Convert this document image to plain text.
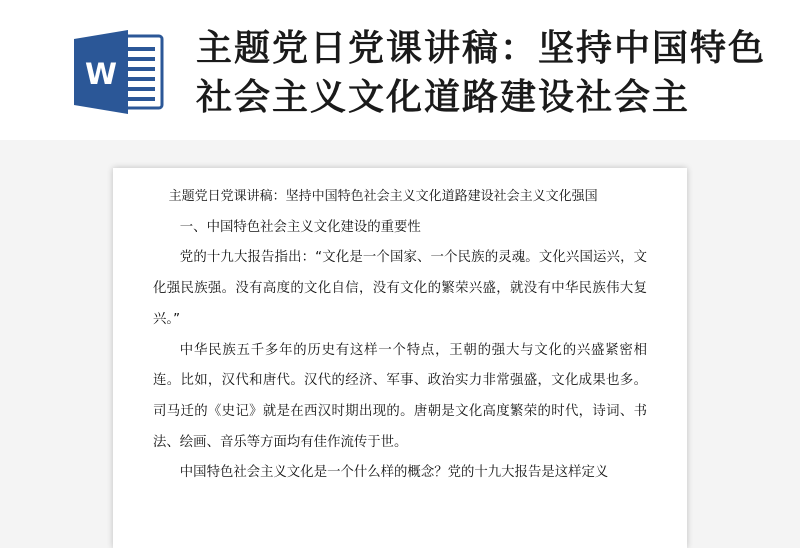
W
主题党日党课讲稿：坚持中国特色社会主义文化道路建设社会主

主题党日党课讲稿：坚持中国特色社会主义文化道路建设社会主义文化强国

一、中国特色社会主义文化建设的重要性

党的十九大报告指出：“文化是一个国家、一个民族的灵魂。文化兴国运兴，文化强民族强。没有高度的文化自信，没有文化的繁荣兴盛，就没有中华民族伟大复兴。”

中华民族五千多年的历史有这样一个特点，王朝的强大与文化的兴盛紧密相连。比如，汉代和唐代。汉代的经济、军事、政治实力非常强盛，文化成果也多。司马迁的《史记》就是在西汉时期出现的。唐朝是文化高度繁荣的时代，诗词、书法、绘画、音乐等方面均有佳作流传于世。

中国特色社会主义文化是一个什么样的概念？党的十九大报告是这样定义
